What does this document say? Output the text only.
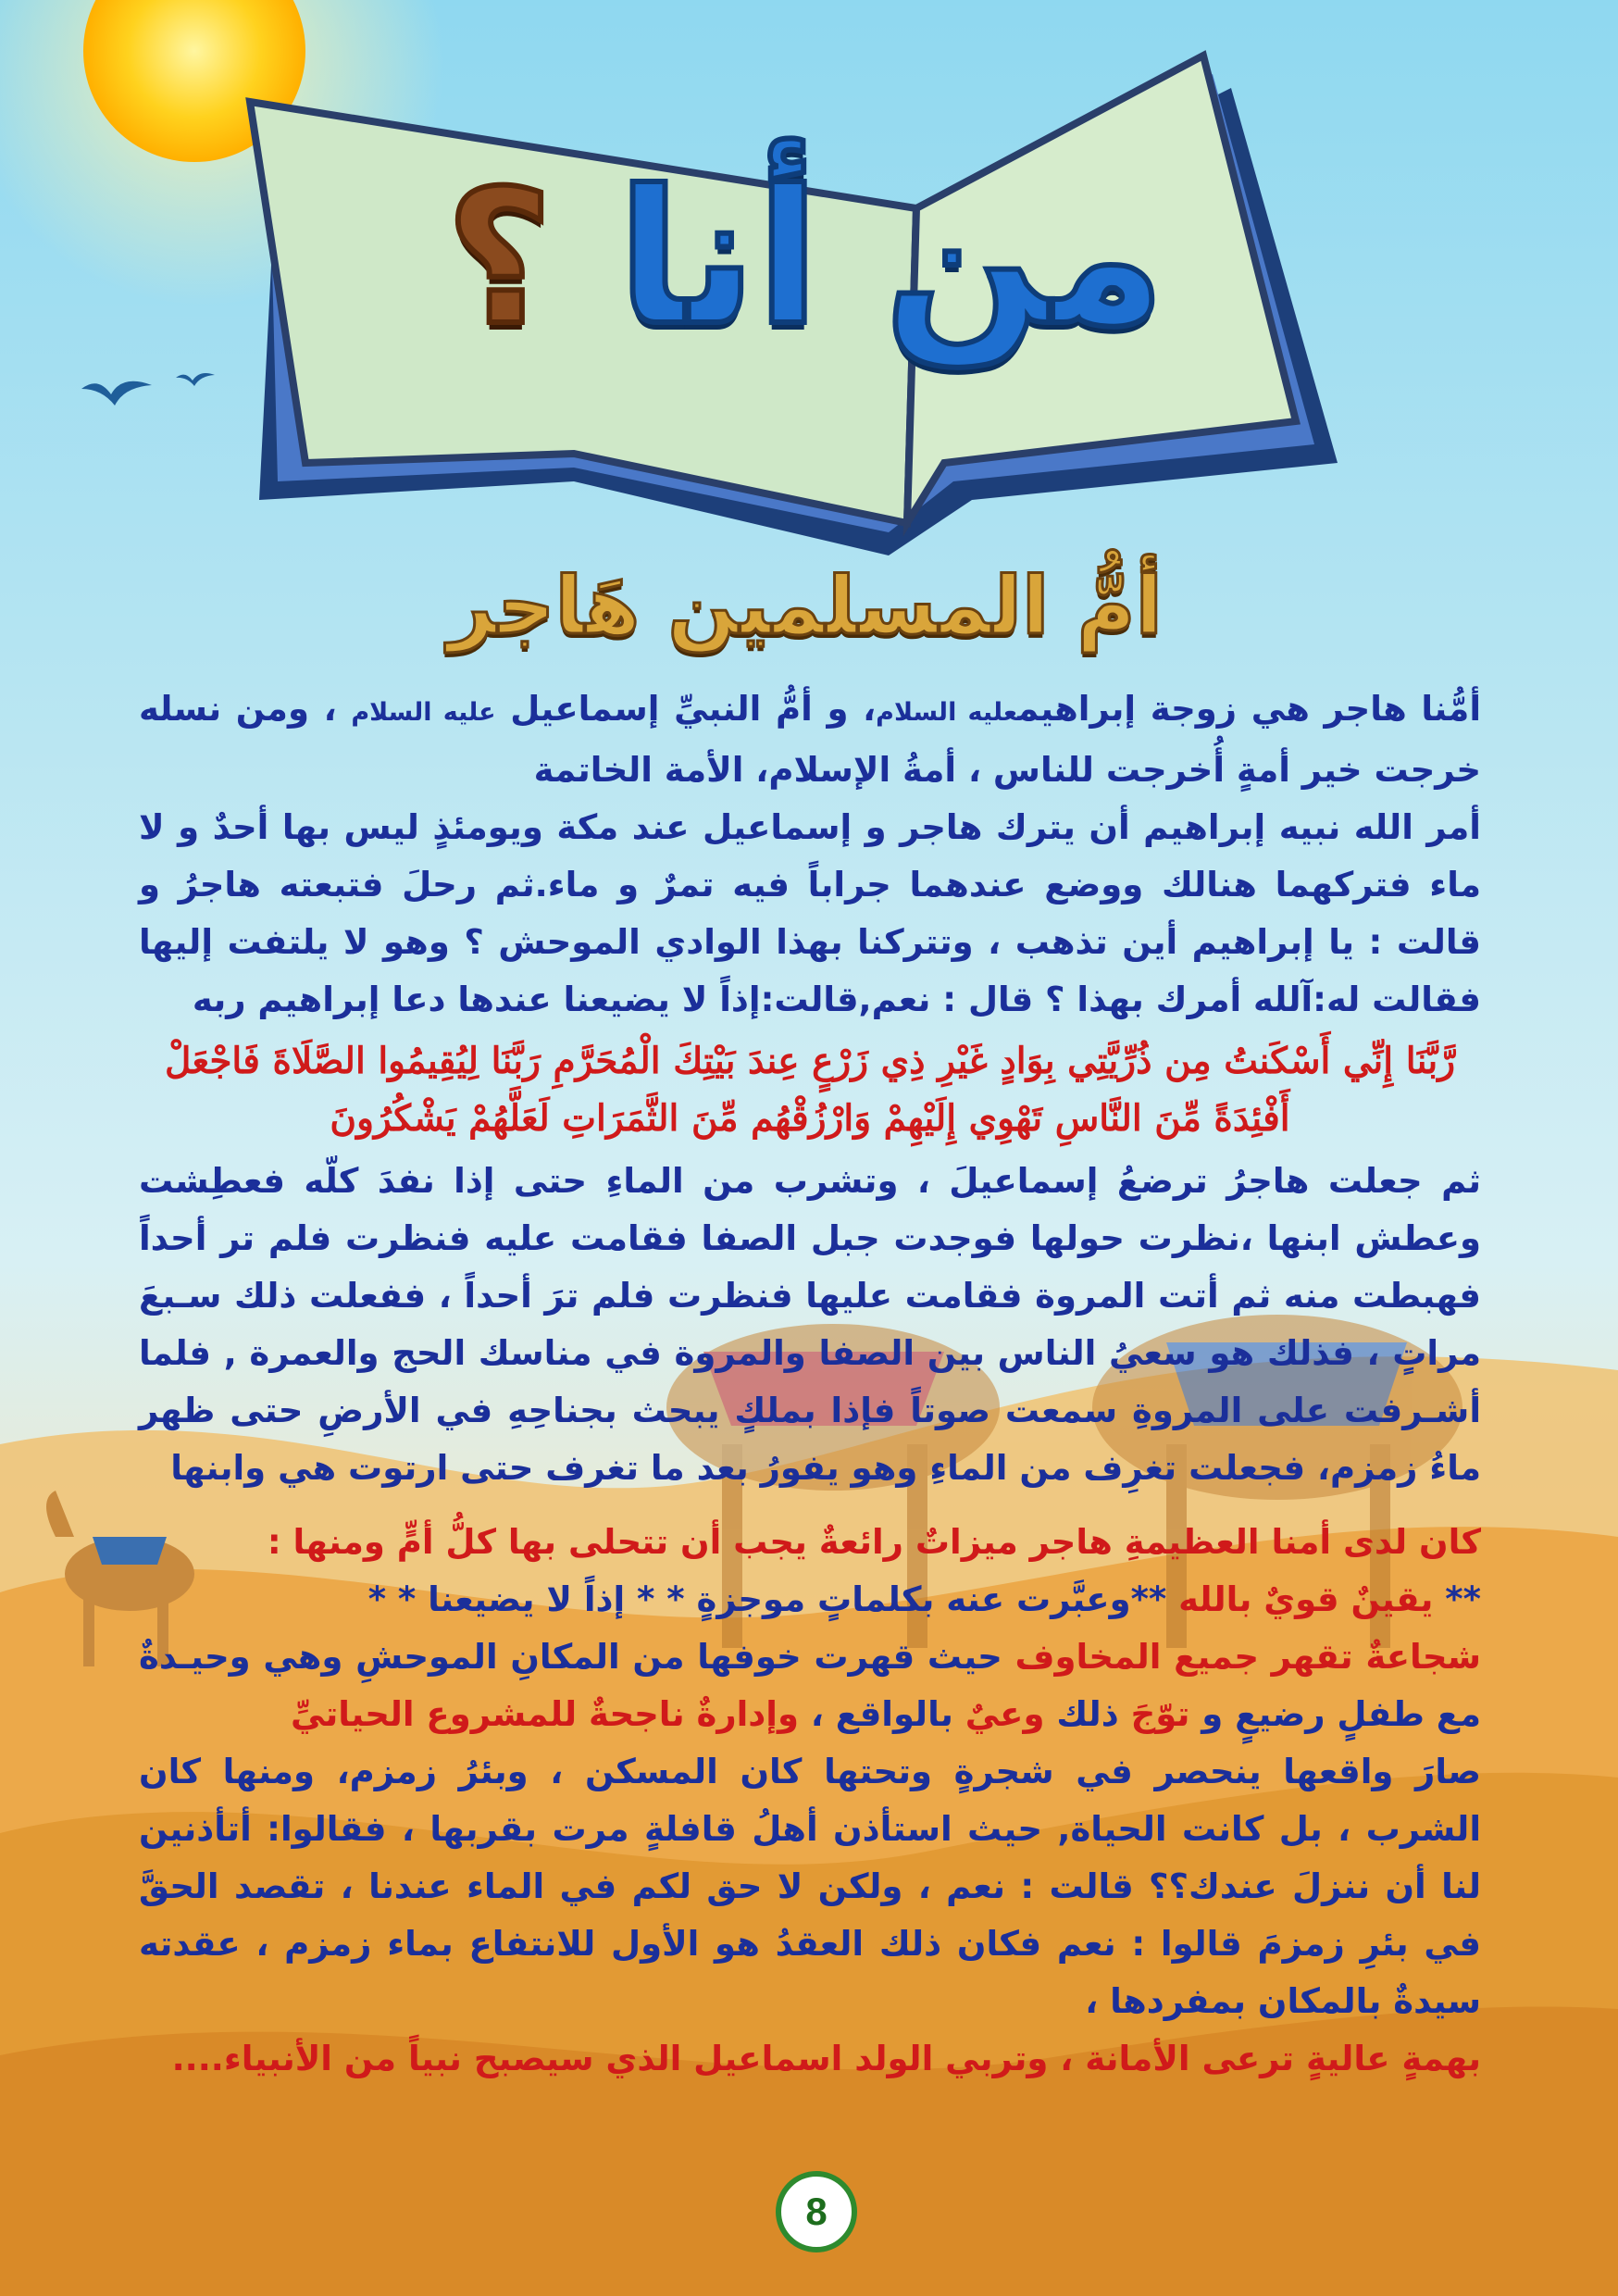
من أنا ؟
أمُّ المسلمين هَاجر

أمُّنا هاجر هي زوجة إبراهيمعليه السلام، و أمُّ النبيِّ إسماعيل عليه السلام ، ومن نسله خرجت خير أمةٍ أُخرجت للناس ، أمةُ الإسلام، الأمة الخاتمة

أمر الله نبيه إبراهيم أن يترك هاجر و إسماعيل عند مكة ويومئذٍ ليس بها أحدٌ و لا ماء فتركهما هنالك ووضع عندهما جراباً فيه تمرٌ و ماء.ثم رحلَ فتبعته هاجرُ و قالت : يا إبراهيم أين تذهب ، وتتركنا بهذا الوادي الموحش ؟ وهو لا يلتفت إليها فقالت له:آلله أمرك بهذا ؟ قال : نعم,قالت:إذاً لا يضيعنا عندها دعا إبراهيم ربه

رَّبَّنَا إِنِّي أَسْكَنتُ مِن ذُرِّيَّتِي بِوَادٍ غَيْرِ ذِي زَرْعٍ عِندَ بَيْتِكَ الْمُحَرَّمِ رَبَّنَا لِيُقِيمُوا الصَّلَاةَ فَاجْعَلْ أَفْئِدَةً مِّنَ النَّاسِ تَهْوِي إِلَيْهِمْ وَارْزُقْهُم مِّنَ الثَّمَرَاتِ لَعَلَّهُمْ يَشْكُرُونَ

ثم جعلت هاجرُ ترضعُ إسماعيلَ ، وتشرب من الماءِ حتى إذا نفدَ كلّه فعطِشت وعطش ابنها ،نظرت حولها فوجدت جبل الصفا فقامت عليه فنظرت فلم تر أحداً فهبطت منه ثم أتت المروة فقامت عليها فنظرت فلم ترَ أحداً ، ففعلت ذلك سـبعَ مراتٍ ، فذلك هو سعيُ الناس بين الصفا والمروة في مناسك الحج والعمرة , فلما أشـرفت على المروةِ سمعت صوتاً فإذا بملكٍ يبحث بجناحِهِ في الأرضِ حتى ظهر ماءُ زمزم، فجعلت تغرِف من الماءِ وهو يفورُ بعد ما تغرف حتى ارتوت هي وابنها

كان لدى أمنا العظيمةِ هاجر ميزاتٌ رائعةٌ يجب أن تتحلى بها كلُّ أمٍّ ومنها :

** يقينٌ قويٌ بالله **وعبَّرت عنه بكلماتٍ موجزةٍ * * إذاً لا يضيعنا * *

شجاعةٌ تقهر جميع المخاوف حيث قهرت خوفها من المكانِ الموحشِ وهي وحيـدةٌ مع طفلٍ رضيعٍ و توّجَ ذلك وعيٌ بالواقع ، وإدارةٌ ناجحةٌ للمشروع الحياتيِّ

صارَ واقعها ينحصر في شجرةٍ وتحتها كان المسكن ، وبئرُ زمزم، ومنها كان الشرب ، بل كانت الحياة, حيث استأذن أهلُ قافلةٍ مرت بقربها ، فقالوا: أتأذنين لنا أن ننزلَ عندك؟؟ قالت : نعم ، ولكن لا حق لكم في الماء عندنا ، تقصد الحقَّ في بئرِ زمزمَ قالوا : نعم فكان ذلك العقدُ هو الأول للانتفاع بماء زمزم ، عقدته سيدةٌ بالمكان بمفردها ،

بهمةٍ عاليةٍ ترعى الأمانة ، وتربي الولد اسماعيل الذي سيصبح نبياً من الأنبياء....

8
